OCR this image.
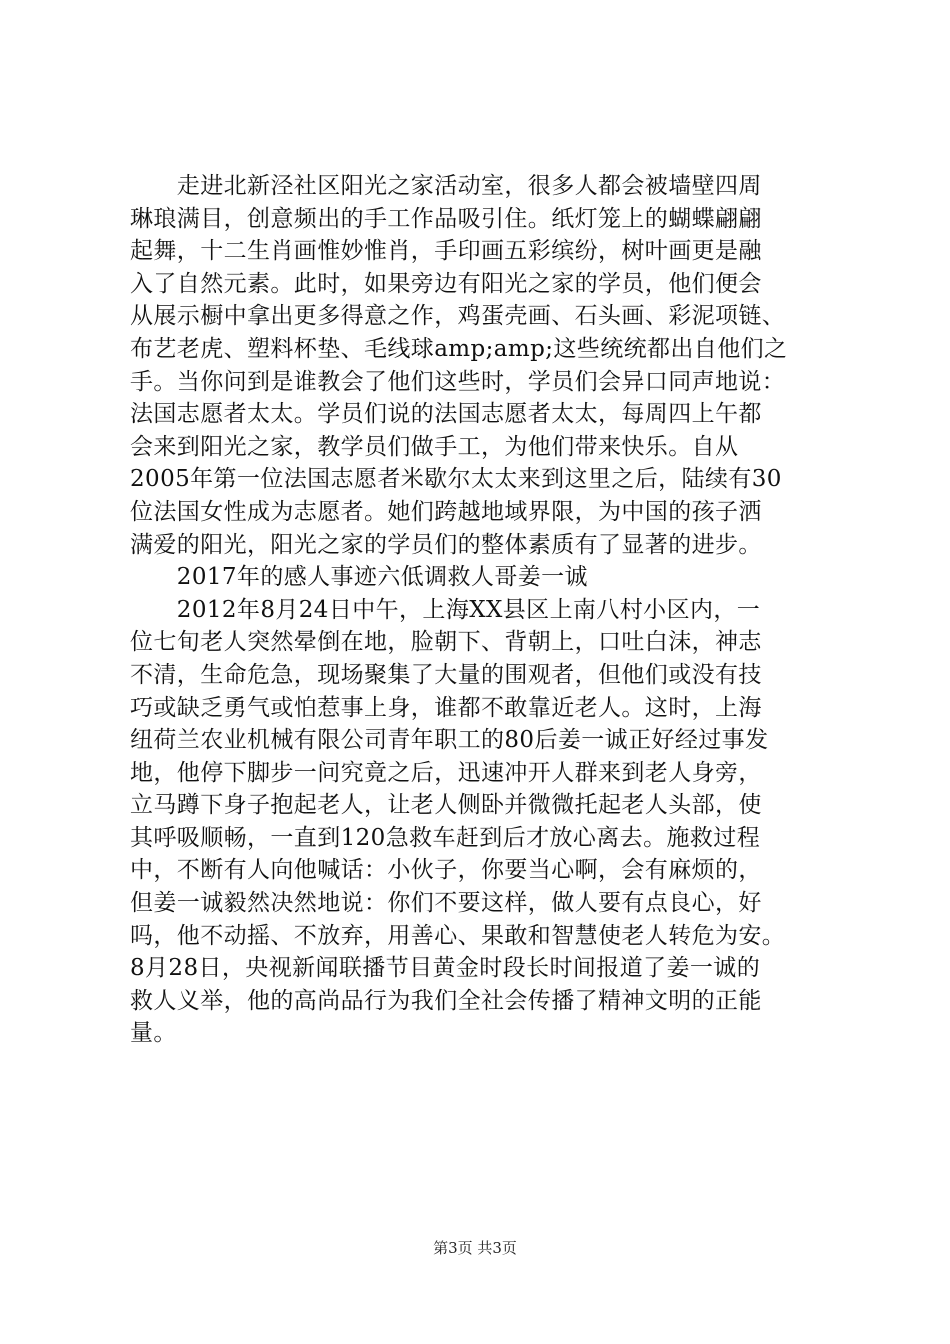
　　走进北新泾社区阳光之家活动室，很多人都会被墙壁四周
琳琅满目，创意频出的手工作品吸引住。纸灯笼上的蝴蝶翩翩
起舞，十二生肖画惟妙惟肖，手印画五彩缤纷，树叶画更是融
入了自然元素。此时，如果旁边有阳光之家的学员，他们便会
从展示橱中拿出更多得意之作，鸡蛋壳画、石头画、彩泥项链、
布艺老虎、塑料杯垫、毛线球amp;amp;这些统统都出自他们之
手。当你问到是谁教会了他们这些时，学员们会异口同声地说：
法国志愿者太太。学员们说的法国志愿者太太，每周四上午都
会来到阳光之家，教学员们做手工，为他们带来快乐。自从
2005年第一位法国志愿者米歇尔太太来到这里之后，陆续有30
位法国女性成为志愿者。她们跨越地域界限，为中国的孩子洒
满爱的阳光，阳光之家的学员们的整体素质有了显著的进步。
　　2017年的感人事迹六低调救人哥姜一诚
　　2012年8月24日中午，上海XX县区上南八村小区内，一
位七旬老人突然晕倒在地，脸朝下、背朝上，口吐白沫，神志
不清，生命危急，现场聚集了大量的围观者，但他们或没有技
巧或缺乏勇气或怕惹事上身，谁都不敢靠近老人。这时，上海
纽荷兰农业机械有限公司青年职工的80后姜一诚正好经过事发
地，他停下脚步一问究竟之后，迅速冲开人群来到老人身旁，
立马蹲下身子抱起老人，让老人侧卧并微微托起老人头部，使
其呼吸顺畅，一直到120急救车赶到后才放心离去。施救过程
中，不断有人向他喊话：小伙子，你要当心啊，会有麻烦的，
但姜一诚毅然决然地说：你们不要这样，做人要有点良心，好
吗，他不动摇、不放弃，用善心、果敢和智慧使老人转危为安。
8月28日，央视新闻联播节目黄金时段长时间报道了姜一诚的
救人义举，他的高尚品行为我们全社会传播了精神文明的正能
量。
第3页 共3页
